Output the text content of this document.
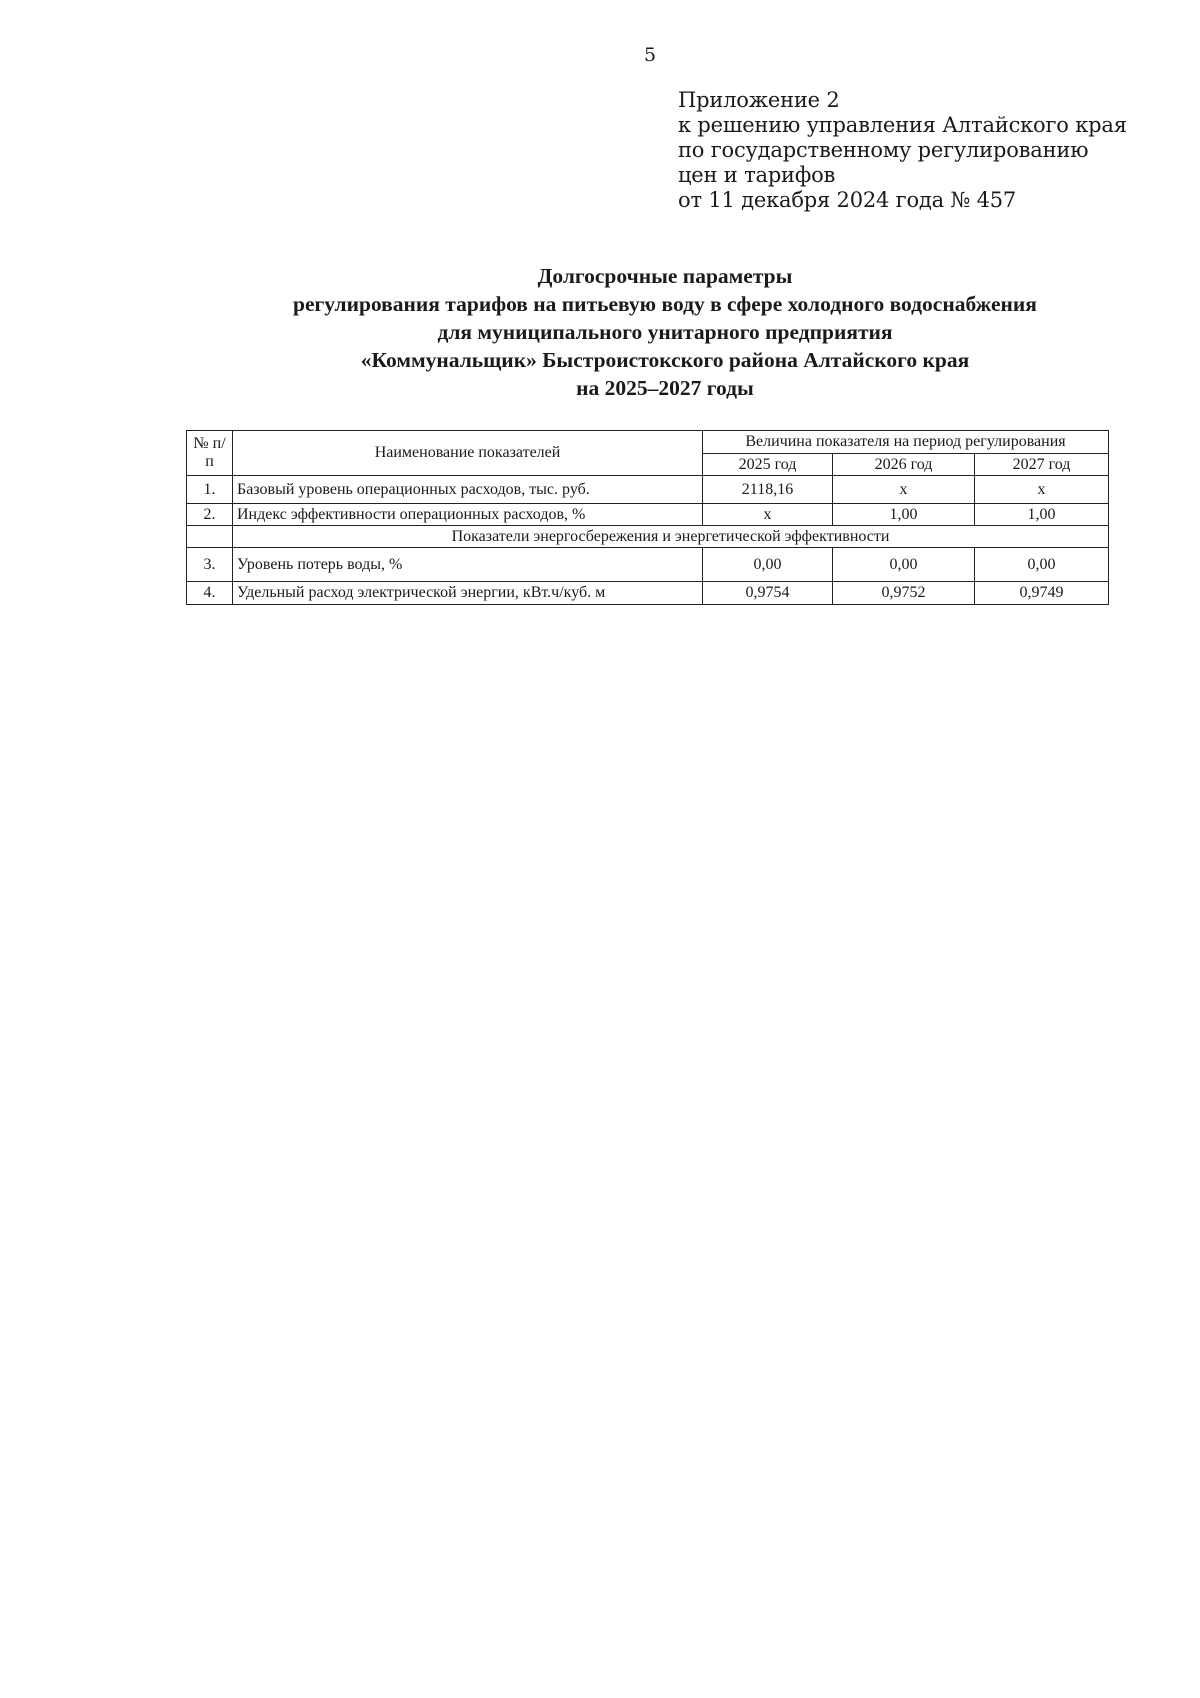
5
Приложение 2
к решению управления Алтайского края
по государственному регулированию
цен и тарифов
от 11 декабря 2024 года № 457
Долгосрочные параметры
регулирования тарифов на питьевую воду в сфере холодного водоснабжения
для муниципального унитарного предприятия
«Коммунальщик» Быстроистокского района Алтайского края
на 2025–2027 годы
№ п/п	Наименование показателей	Величина показателя на период регулирования		
		2025 год	2026 год	2027 год
1.	Базовый уровень операционных расходов, тыс. руб.	2118,16	х	х
2.	Индекс эффективности операционных расходов, %	х	1,00	1,00
	Показатели энергосбережения и энергетической эффективности			
3.	Уровень потерь воды, %	0,00	0,00	0,00
4.	Удельный расход электрической энергии, кВт.ч/куб. м	0,9754	0,9752	0,9749
